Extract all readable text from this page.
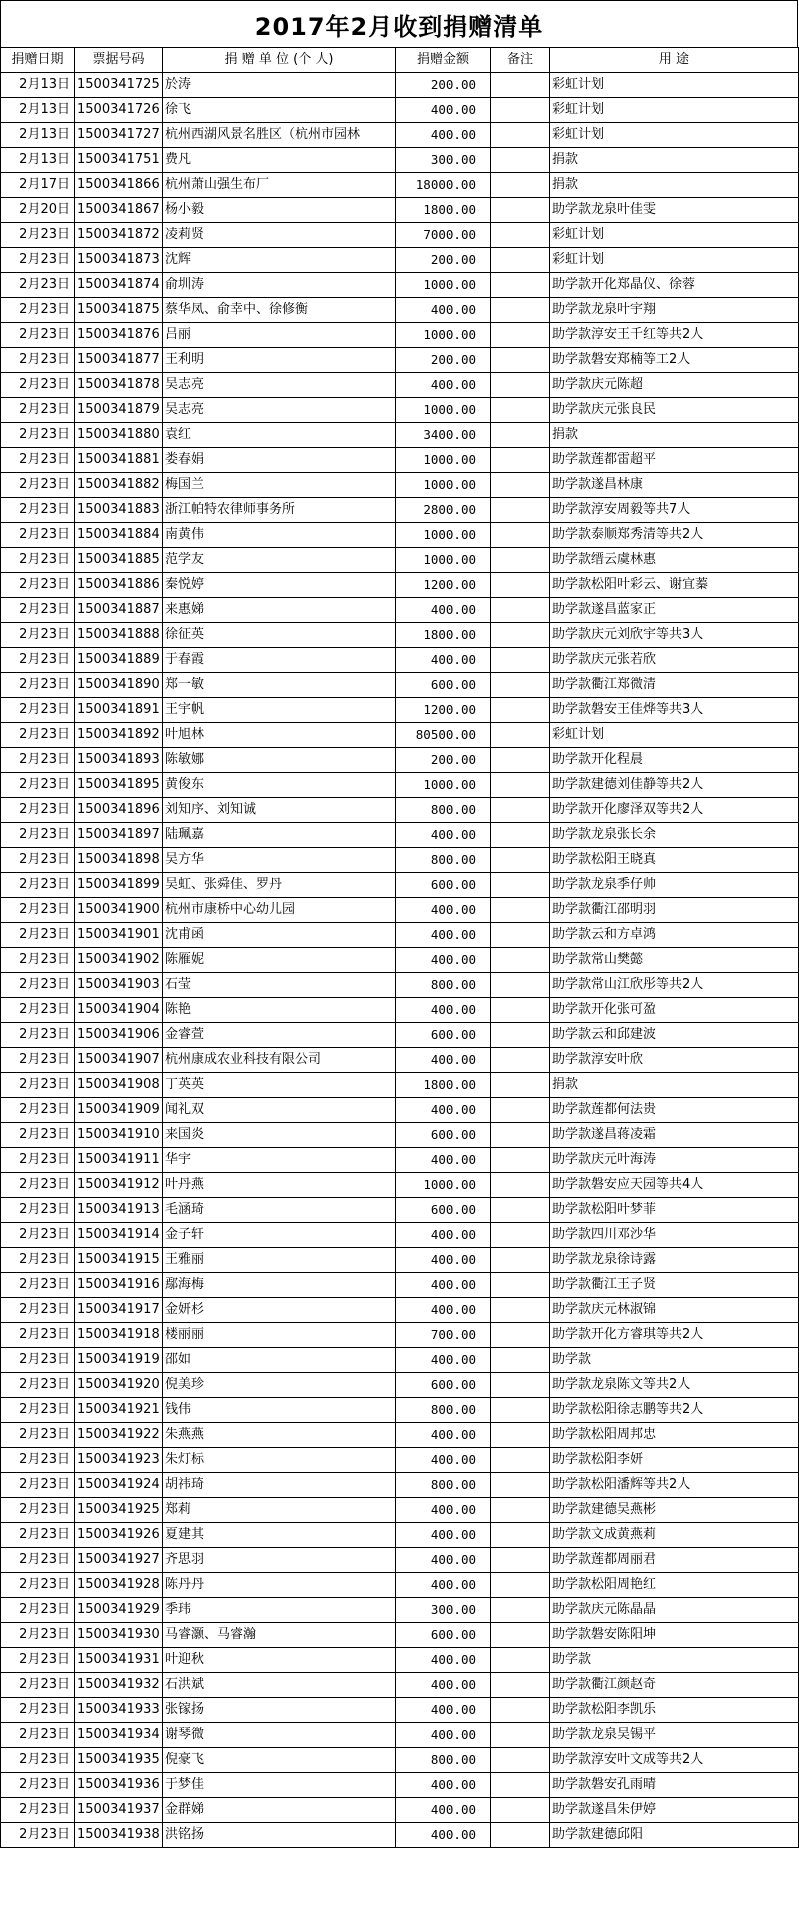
2017年2月收到捐赠清单
捐赠日期	票据号码	捐 赠 单 位 (个 人)	捐赠金额	备注	用 途
2月13日	1500341725	於涛	200.00		彩虹计划
2月13日	1500341726	徐飞	400.00		彩虹计划
2月13日	1500341727	杭州西湖风景名胜区（杭州市园林	400.00		彩虹计划
2月13日	1500341751	费凡	300.00		捐款
2月17日	1500341866	杭州萧山强生布厂	18000.00		捐款
2月20日	1500341867	杨小毅	1800.00		助学款龙泉叶佳雯
2月23日	1500341872	凌莉贤	7000.00		彩虹计划
2月23日	1500341873	沈辉	200.00		彩虹计划
2月23日	1500341874	俞圳涛	1000.00		助学款开化郑晶仪、徐蓉
2月23日	1500341875	蔡华凤、俞幸中、徐修衡	400.00		助学款龙泉叶宇翔
2月23日	1500341876	吕丽	1000.00		助学款淳安王千红等共2人
2月23日	1500341877	王利明	200.00		助学款磐安郑楠等工2人
2月23日	1500341878	吴志亮	400.00		助学款庆元陈超
2月23日	1500341879	吴志亮	1000.00		助学款庆元张良民
2月23日	1500341880	袁红	3400.00		捐款
2月23日	1500341881	娄春娟	1000.00		助学款莲都雷超平
2月23日	1500341882	梅国兰	1000.00		助学款遂昌林康
2月23日	1500341883	浙江帕特农律师事务所	2800.00		助学款淳安周毅等共7人
2月23日	1500341884	南黄伟	1000.00		助学款泰顺郑秀清等共2人
2月23日	1500341885	范学友	1000.00		助学款缙云虞林惠
2月23日	1500341886	秦悦婷	1200.00		助学款松阳叶彩云、谢宜蓁
2月23日	1500341887	来惠娣	400.00		助学款遂昌蓝家正
2月23日	1500341888	徐征英	1800.00		助学款庆元刘欣宇等共3人
2月23日	1500341889	于春霞	400.00		助学款庆元张若欣
2月23日	1500341890	郑一敏	600.00		助学款衢江郑微清
2月23日	1500341891	王宇帆	1200.00		助学款磐安王佳烨等共3人
2月23日	1500341892	叶旭林	80500.00		彩虹计划
2月23日	1500341893	陈敏娜	200.00		助学款开化程晨
2月23日	1500341895	黄俊东	1000.00		助学款建德刘佳静等共2人
2月23日	1500341896	刘知序、刘知诚	800.00		助学款开化廖泽双等共2人
2月23日	1500341897	陆珮嘉	400.00		助学款龙泉张长余
2月23日	1500341898	吴方华	800.00		助学款松阳王晓真
2月23日	1500341899	吴虹、张舜佳、罗丹	600.00		助学款龙泉季仔帅
2月23日	1500341900	杭州市康桥中心幼儿园	400.00		助学款衢江邵明羽
2月23日	1500341901	沈甫函	400.00		助学款云和方卓鸿
2月23日	1500341902	陈雁妮	400.00		助学款常山樊懿
2月23日	1500341903	石莹	800.00		助学款常山江欣彤等共2人
2月23日	1500341904	陈艳	400.00		助学款开化张可盈
2月23日	1500341906	金睿萱	600.00		助学款云和邱建波
2月23日	1500341907	杭州康成农业科技有限公司	400.00		助学款淳安叶欣
2月23日	1500341908	丁英英	1800.00		捐款
2月23日	1500341909	闻礼双	400.00		助学款莲都何法贵
2月23日	1500341910	来国炎	600.00		助学款遂昌蒋凌霜
2月23日	1500341911	华宇	400.00		助学款庆元叶海涛
2月23日	1500341912	叶丹燕	1000.00		助学款磐安应天园等共4人
2月23日	1500341913	毛涵琦	600.00		助学款松阳叶梦菲
2月23日	1500341914	金子轩	400.00		助学款四川邓沙华
2月23日	1500341915	王雅丽	400.00		助学款龙泉徐诗露
2月23日	1500341916	鄢海梅	400.00		助学款衢江王子贤
2月23日	1500341917	金妍杉	400.00		助学款庆元林淑锦
2月23日	1500341918	楼丽丽	700.00		助学款开化方睿琪等共2人
2月23日	1500341919	邵如	400.00		助学款
2月23日	1500341920	倪美珍	600.00		助学款龙泉陈文等共2人
2月23日	1500341921	钱伟	800.00		助学款松阳徐志鹏等共2人
2月23日	1500341922	朱燕燕	400.00		助学款松阳周邦忠
2月23日	1500341923	朱灯标	400.00		助学款松阳李妍
2月23日	1500341924	胡祎琦	800.00		助学款松阳潘辉等共2人
2月23日	1500341925	郑莉	400.00		助学款建德吴燕彬
2月23日	1500341926	夏建其	400.00		助学款文成黄燕莉
2月23日	1500341927	齐思羽	400.00		助学款莲都周丽君
2月23日	1500341928	陈丹丹	400.00		助学款松阳周艳红
2月23日	1500341929	季玮	300.00		助学款庆元陈晶晶
2月23日	1500341930	马睿灏、马睿瀚	600.00		助学款磐安陈阳坤
2月23日	1500341931	叶迎秋	400.00		助学款
2月23日	1500341932	石洪斌	400.00		助学款衢江颜赵奇
2月23日	1500341933	张镓扬	400.00		助学款松阳李凯乐
2月23日	1500341934	谢琴微	400.00		助学款龙泉吴锡平
2月23日	1500341935	倪豪飞	800.00		助学款淳安叶文成等共2人
2月23日	1500341936	于梦佳	400.00		助学款磐安孔雨晴
2月23日	1500341937	金群娣	400.00		助学款遂昌朱伊婷
2月23日	1500341938	洪铭扬	400.00		助学款建德邱阳
